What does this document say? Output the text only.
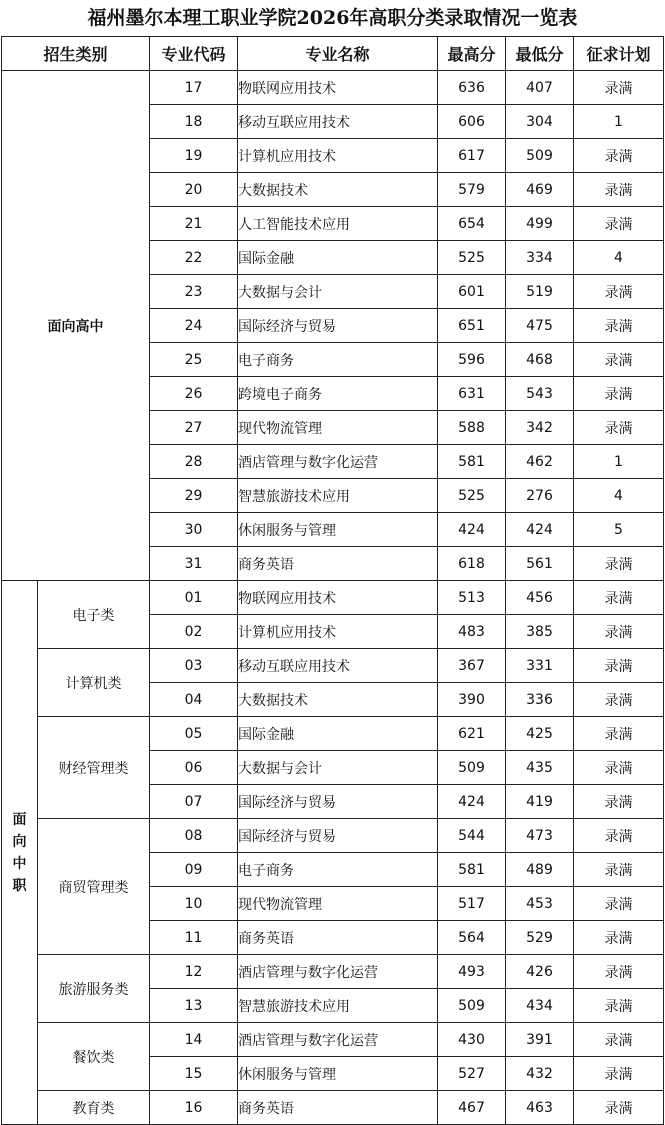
福州墨尔本理工职业学院2026年高职分类录取情况一览表
招生类别		专业代码	专业名称	最高分	最低分	征求计划
面向高中		17	物联网应用技术	636	407	录满
		18	移动互联应用技术	606	304	1
		19	计算机应用技术	617	509	录满
		20	大数据技术	579	469	录满
		21	人工智能技术应用	654	499	录满
		22	国际金融	525	334	4
		23	大数据与会计	601	519	录满
		24	国际经济与贸易	651	475	录满
		25	电子商务	596	468	录满
		26	跨境电子商务	631	543	录满
		27	现代物流管理	588	342	录满
		28	酒店管理与数字化运营	581	462	1
		29	智慧旅游技术应用	525	276	4
		30	休闲服务与管理	424	424	5
		31	商务英语	618	561	录满

面
向
中
职	电子类	01	物联网应用技术	513	456	录满
		02	计算机应用技术	483	385	录满
	计算机类	03	移动互联应用技术	367	331	录满
		04	大数据技术	390	336	录满
	财经管理类	05	国际金融	621	425	录满
		06	大数据与会计	509	435	录满
		07	国际经济与贸易	424	419	录满
	商贸管理类	08	国际经济与贸易	544	473	录满
		09	电子商务	581	489	录满
		10	现代物流管理	517	453	录满
		11	商务英语	564	529	录满
	旅游服务类	12	酒店管理与数字化运营	493	426	录满
		13	智慧旅游技术应用	509	434	录满
	餐饮类	14	酒店管理与数字化运营	430	391	录满
		15	休闲服务与管理	527	432	录满
	教育类	16	商务英语	467	463	录满
